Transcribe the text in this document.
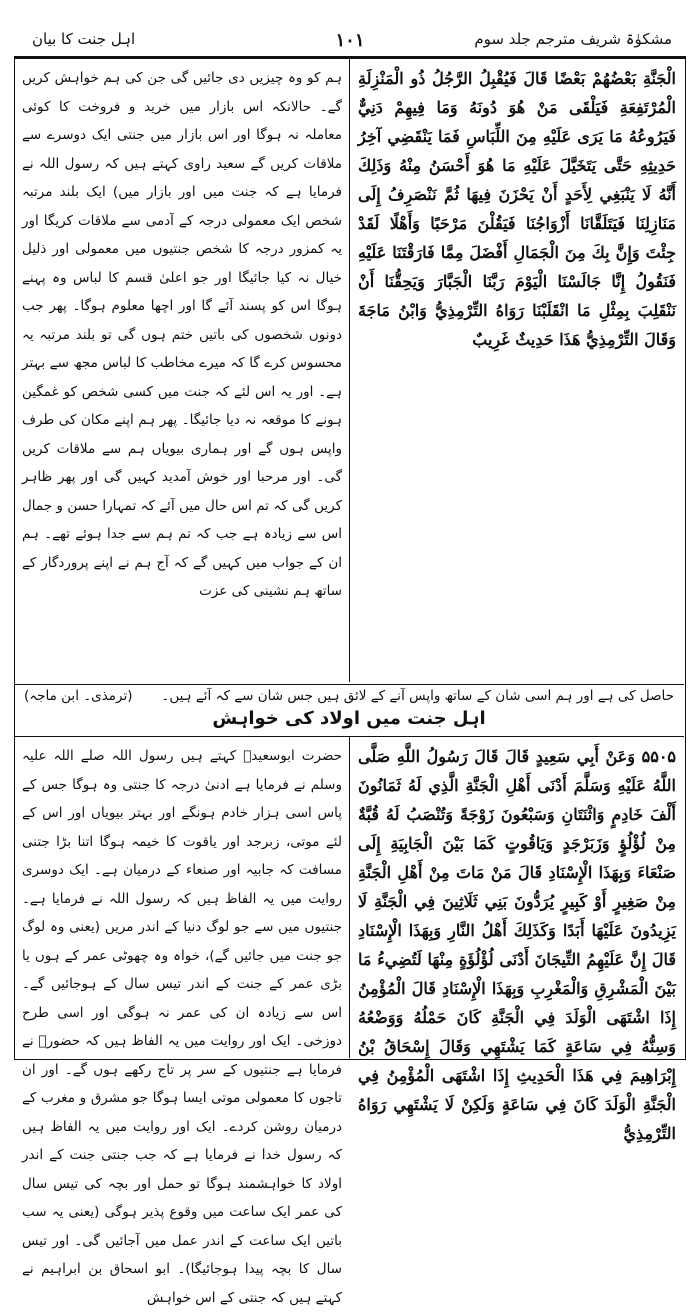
مشکوٰۃ شریف مترجم جلد سوم
۱۰۱
اہل جنت کا بیان

الْجَنَّةِ بَعْضُهُمْ بَعْضًا قَالَ فَيُقْبِلُ الرَّجُلُ ذُو الْمَنْزِلَةِ الْمُرْتَفِعَةِ فَيَلْقَى مَنْ هُوَ دُونَهُ وَمَا فِيهِمْ دَنِيٌّ فَيَرُوعُهُ مَا يَرَى عَلَيْهِ مِنَ اللِّبَاسِ فَمَا يَنْقَضِي آخِرُ حَدِيثِهِ حَتَّى يَتَخَيَّلَ عَلَيْهِ مَا هُوَ أَحْسَنُ مِنْهُ وَذَلِكَ أَنَّهُ لَا يَنْبَغِي لِأَحَدٍ أَنْ يَحْزَنَ فِيهَا ثُمَّ نَنْصَرِفُ إِلَى مَنَازِلِنَا فَيَتَلَقَّانَا أَزْوَاجُنَا فَيَقُلْنَ مَرْحَبًا وَأَهْلًا لَقَدْ جِئْتَ وَإِنَّ بِكَ مِنَ الْجَمَالِ أَفْضَلَ مِمَّا فَارَقْتَنَا عَلَيْهِ فَنَقُولُ إِنَّا جَالَسْنَا الْيَوْمَ رَبَّنَا الْجَبَّارَ وَيَحِقُّنَا أَنْ نَنْقَلِبَ بِمِثْلِ مَا انْقَلَبْنَا رَوَاهُ التِّرْمِذِيُّ وَابْنُ مَاجَةَ وَقَالَ التِّرْمِذِيُّ هَذَا حَدِيثٌ غَرِيبٌ

ہم کو وہ چیزیں دی جائیں گی جن کی ہم خواہش کریں گے۔ حالانکہ اس بازار میں خرید و فروخت کا کوئی معاملہ نہ ہوگا اور اس بازار میں جنتی ایک دوسرے سے ملاقات کریں گے سعید راوی کہتے ہیں کہ رسول اللہ نے فرمایا ہے کہ جنت میں اور بازار میں) ایک بلند مرتبہ شخص ایک معمولی درجہ کے آدمی سے ملاقات کریگا اور یہ کمزور درجہ کا شخص جنتیوں میں معمولی اور ذلیل خیال نہ کیا جائیگا اور جو اعلیٰ قسم کا لباس وہ پہنے ہوگا اس کو پسند آئے گا اور اچھا معلوم ہوگا۔ پھر جب دونوں شخصوں کی باتیں ختم ہوں گی تو بلند مرتبہ یہ محسوس کرے گا کہ میرے مخاطب کا لباس مجھ سے بہتر ہے۔ اور یہ اس لئے کہ جنت میں کسی شخص کو غمگین ہونے کا موقعہ نہ دیا جائیگا۔ پھر ہم اپنے مکان کی طرف واپس ہوں گے اور ہماری بیویاں ہم سے ملاقات کریں گی۔ اور مرحبا اور خوش آمدید کہیں گی اور پھر ظاہر کریں گی کہ تم اس حال میں آئے کہ تمہارا حسن و جمال اس سے زیادہ ہے جب کہ تم ہم سے جدا ہوئے تھے۔ ہم ان کے جواب میں کہیں گے کہ آج ہم نے اپنے پروردگار کے ساتھ ہم نشینی کی عزت

(ترمذی۔ ابن ماجہ) حاصل کی ہے اور ہم اسی شان کے ساتھ واپس آنے کے لائق ہیں جس شان سے کہ آئے ہیں۔
اہل جنت میں اولاد کی خواہش

۵۵۰۵ وَعَنْ أَبِي سَعِيدٍ قَالَ قَالَ رَسُولُ اللَّهِ صَلَّى اللَّهُ عَلَيْهِ وَسَلَّمَ أَدْنَى أَهْلِ الْجَنَّةِ الَّذِي لَهُ ثَمَانُونَ أَلْفَ خَادِمٍ وَاثْنَتَانِ وَسَبْعُونَ زَوْجَةً وَتُنْصَبُ لَهُ قُبَّةٌ مِنْ لُؤْلُؤٍ وَزَبَرْجَدٍ وَيَاقُوتٍ كَمَا بَيْنَ الْجَابِيَةِ إِلَى صَنْعَاءَ وَبِهَذَا الْإِسْنَادِ قَالَ مَنْ مَاتَ مِنْ أَهْلِ الْجَنَّةِ مِنْ صَغِيرٍ أَوْ كَبِيرٍ يُرَدُّونَ بَنِي ثَلَاثِينَ فِي الْجَنَّةِ لَا يَزِيدُونَ عَلَيْهَا أَبَدًا وَكَذَلِكَ أَهْلُ النَّارِ وَبِهَذَا الْإِسْنَادِ قَالَ إِنَّ عَلَيْهِمُ التِّيجَانَ أَدْنَى لُؤْلُؤَةٍ مِنْهَا لَتُضِيءُ مَا بَيْنَ الْمَشْرِقِ وَالْمَغْرِبِ وَبِهَذَا الْإِسْنَادِ قَالَ الْمُؤْمِنُ إِذَا اشْتَهَى الْوَلَدَ فِي الْجَنَّةِ كَانَ حَمْلُهُ وَوَضْعُهُ وَسِنُّهُ فِي سَاعَةٍ كَمَا يَشْتَهِي وَقَالَ إِسْحَاقُ بْنُ إِبْرَاهِيمَ فِي هَذَا الْحَدِيثِ إِذَا اشْتَهَى الْمُؤْمِنُ فِي الْجَنَّةِ الْوَلَدَ كَانَ فِي سَاعَةٍ وَلَكِنْ لَا يَشْتَهِي رَوَاهُ التِّرْمِذِيُّ

حضرت ابوسعیدؓ کہتے ہیں رسول اللہ صلے اللہ علیہ وسلم نے فرمایا ہے ادنیٰ درجہ کا جنتی وہ ہوگا جس کے پاس اسی ہزار خادم ہونگے اور بہتر بیویاں اور اس کے لئے موتی، زبرجد اور یاقوت کا خیمہ ہوگا اتنا بڑا جتنی مسافت کہ جابیہ اور صنعاء کے درمیان ہے۔ ایک دوسری روایت میں یہ الفاظ ہیں کہ رسول اللہ نے فرمایا ہے۔ جنتیوں میں سے جو لوگ دنیا کے اندر مریں (یعنی وہ لوگ جو جنت میں جائیں گے)، خواہ وہ چھوٹی عمر کے ہوں یا بڑی عمر کے جنت کے اندر تیس سال کے ہوجائیں گے۔ اس سے زیادہ ان کی عمر نہ ہوگی اور اسی طرح دوزخی۔ ایک اور روایت میں یہ الفاظ ہیں کہ حضورؐ نے فرمایا ہے جنتیوں کے سر پر تاج رکھے ہوں گے۔ اور ان تاجوں کا معمولی موتی ایسا ہوگا جو مشرق و مغرب کے درمیان روشن کردے۔ ایک اور روایت میں یہ الفاظ ہیں کہ رسول خدا نے فرمایا ہے کہ جب جنتی جنت کے اندر اولاد کا خواہشمند ہوگا تو حمل اور بچہ کی تیس سال کی عمر ایک ساعت میں وقوع پذیر ہوگی (یعنی یہ سب باتیں ایک ساعت کے اندر عمل میں آجائیں گی۔ اور تیس سال کا بچہ پیدا ہوجائیگا)۔ ابو اسحاق بن ابراہیم نے کہتے ہیں کہ جنتی کے اس خواہش
